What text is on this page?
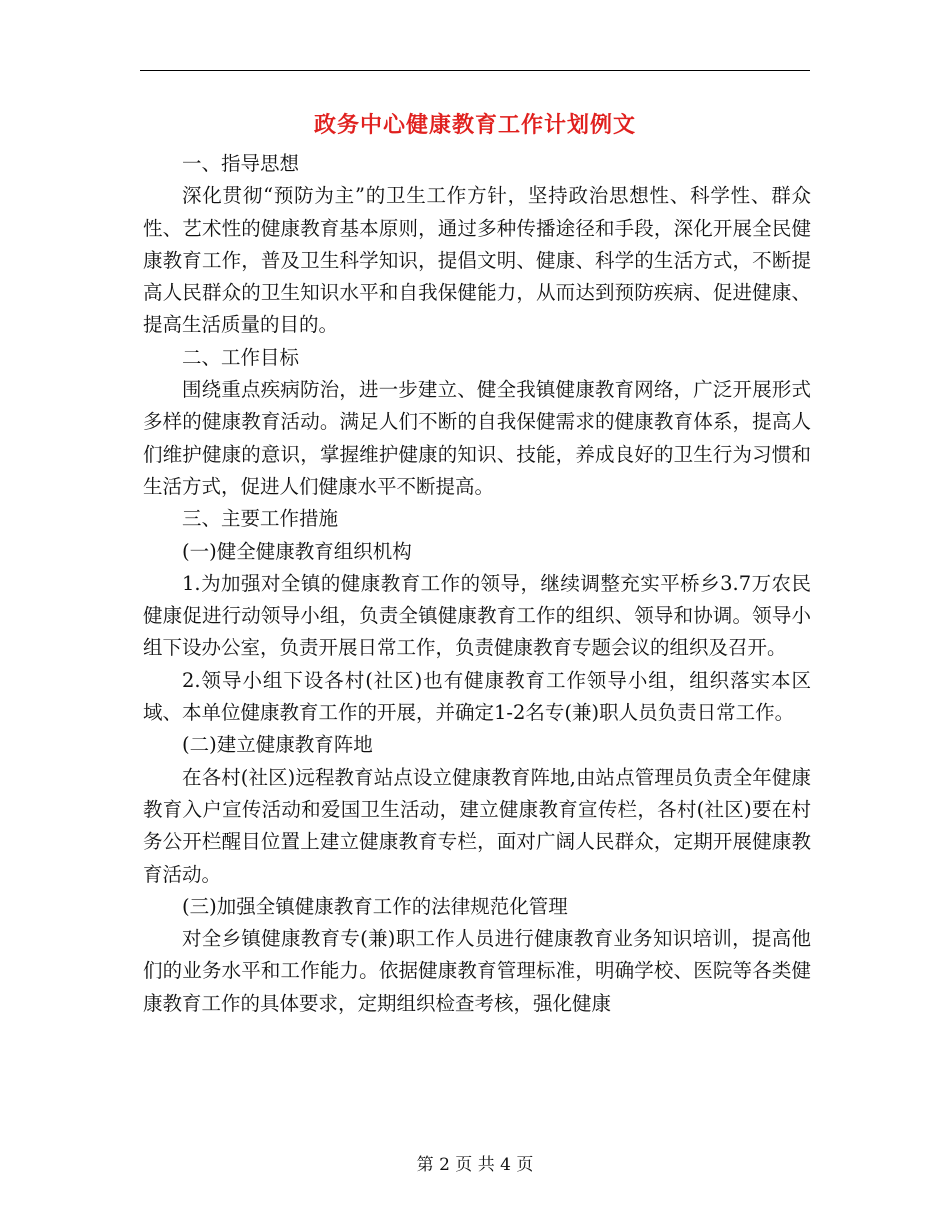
政务中心健康教育工作计划例文

一、指导思想

深化贯彻“预防为主”的卫生工作方针，坚持政治思想性、科学性、群众性、艺术性的健康教育基本原则，通过多种传播途径和手段，深化开展全民健康教育工作，普及卫生科学知识，提倡文明、健康、科学的生活方式，不断提高人民群众的卫生知识水平和自我保健能力，从而达到预防疾病、促进健康、提高生活质量的目的。

二、工作目标

围绕重点疾病防治，进一步建立、健全我镇健康教育网络，广泛开展形式多样的健康教育活动。满足人们不断的自我保健需求的健康教育体系，提高人们维护健康的意识，掌握维护健康的知识、技能，养成良好的卫生行为习惯和生活方式，促进人们健康水平不断提高。

三、主要工作措施

(一)健全健康教育组织机构

1.为加强对全镇的健康教育工作的领导，继续调整充实平桥乡3.7万农民健康促进行动领导小组，负责全镇健康教育工作的组织、领导和协调。领导小组下设办公室，负责开展日常工作，负责健康教育专题会议的组织及召开。

2.领导小组下设各村(社区)也有健康教育工作领导小组，组织落实本区域、本单位健康教育工作的开展，并确定1-2名专(兼)职人员负责日常工作。

(二)建立健康教育阵地

在各村(社区)远程教育站点设立健康教育阵地,由站点管理员负责全年健康教育入户宣传活动和爱国卫生活动，建立健康教育宣传栏，各村(社区)要在村务公开栏醒目位置上建立健康教育专栏，面对广阔人民群众，定期开展健康教育活动。

(三)加强全镇健康教育工作的法律规范化管理

对全乡镇健康教育专(兼)职工作人员进行健康教育业务知识培训，提高他们的业务水平和工作能力。依据健康教育管理标准，明确学校、医院等各类健康教育工作的具体要求，定期组织检查考核，强化健康

第 2 页 共 4 页
